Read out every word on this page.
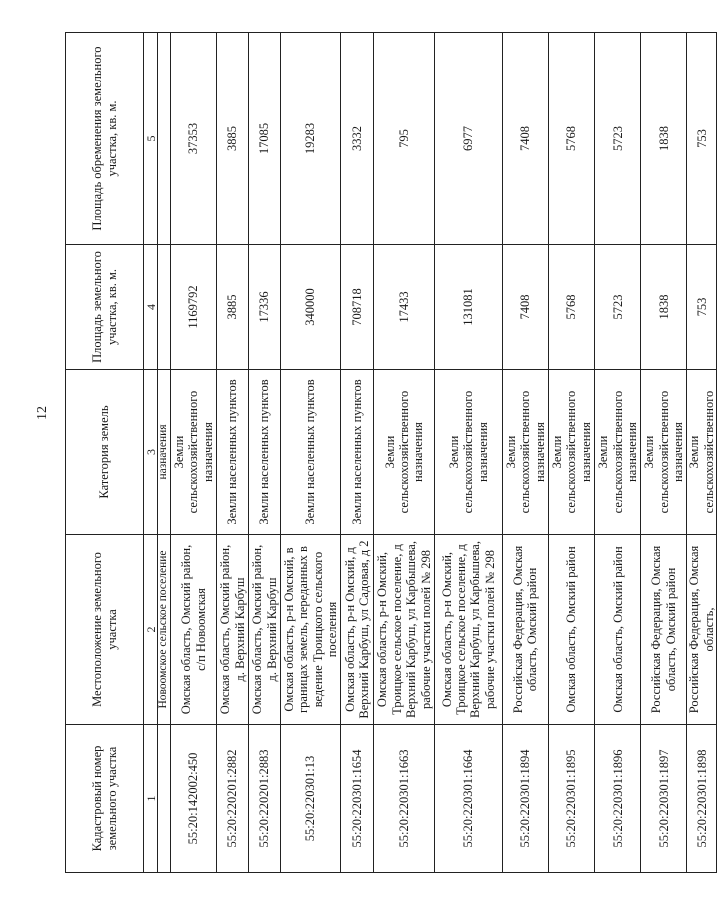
12
Кадастровый номер земельного участка	Местоположение земельного участка	Категория земель	Площадь земельного участка, кв. м.	Площадь обременения земельного участка, кв. м.
1	2	3	4	5
	Новоомское сельское поселение	назначения		
55:20:142002:450	Омская область, Омский район, с/п Новоомская	Земли сельскохозяйственного назначения	1169792	37353
55:20:220201:2882	Омская область, Омский район, д. Верхний Карбуш	Земли населенных пунктов	3885	3885
55:20:220201:2883	Омская область, Омский район, д. Верхний Карбуш	Земли населенных пунктов	17336	17085
55:20:220301:13	Омская область, р-н Омский, в границах земель, переданных в ведение Троицкого сельского поселения	Земли населенных пунктов	340000	19283
55:20:220301:1654	Омская область, р-н Омский, д Верхний Карбуш, ул Садовая, д 2	Земли населенных пунктов	708718	3332
55:20:220301:1663	Омская область, р-н Омский, Троицкое сельское поселение, д Верхний Карбуш, ул Карбышева, рабочие участки полей № 298	Земли сельскохозяйственного назначения	17433	795
55:20:220301:1664	Омская область, р-н Омский, Троицкое сельское поселение, д Верхний Карбуш, ул Карбышева, рабочие участки полей № 298	Земли сельскохозяйственного назначения	131081	6977
55:20:220301:1894	Российская Федерация, Омская область, Омский район	Земли сельскохозяйственного назначения	7408	7408
55:20:220301:1895	Омская область, Омский район	Земли сельскохозяйственного назначения	5768	5768
55:20:220301:1896	Омская область, Омский район	Земли сельскохозяйственного назначения	5723	5723
55:20:220301:1897	Российская Федерация, Омская область, Омский район	Земли сельскохозяйственного назначения	1838	1838
55:20:220301:1898	Российская Федерация, Омская область,	Земли сельскохозяйственного	753	753
